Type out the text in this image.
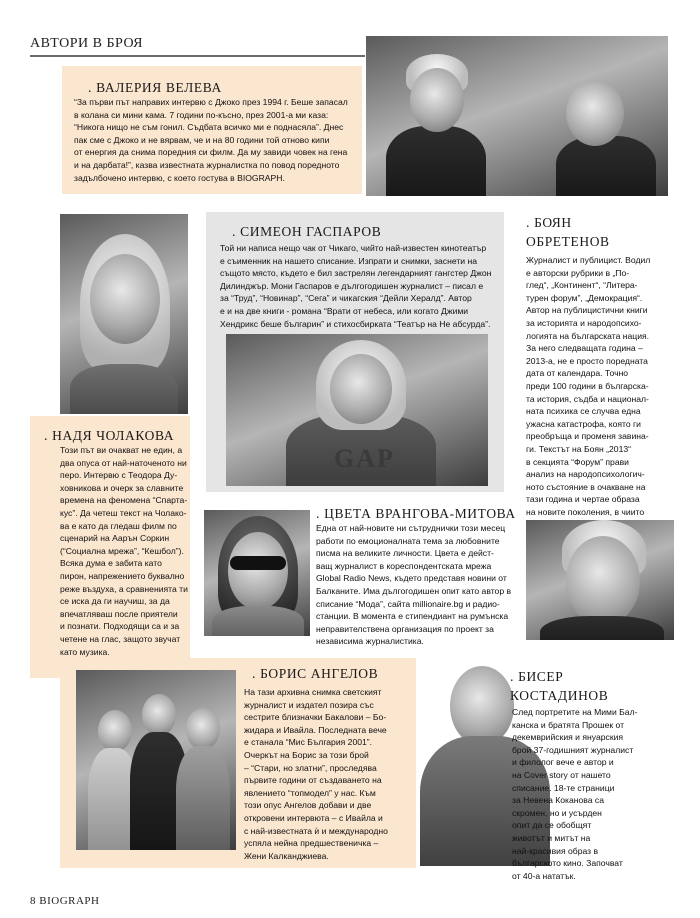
АВТОРИ В БРОЯ
. ВАЛЕРИЯ ВЕЛЕВА
“За първи път направих интервю с Джоко през 1994 г. Беше запасал
в колана си мини кама. 7 години по-късно, през 2001-а ми каза:
“Никога нищо не съм гонил. Съдбата всичко ми е поднасяла”. Днес
пак сме с Джоко и не вярвам, че и на 80 години той отново кипи
от енергия да снима поредния си филм. Да му завиди човек на гена
и на дарбата!”, казва известната журналистка по повод поредното
задълбочено интервю, с което гостува в BIOGRAPH.
. НАДЯ ЧОЛАКОВА
Този път ви очакват не един, а
два опуса от най-наточеното ни
перо. Интервю с Теодора Ду-
ховникова и очерк за славните
времена на феномена “Спарта-
кус”. Да четеш текст на Чолако-
ва е като да гледаш филм по
сценарий на Аарън Соркин
(“Социална мрежа”, “Кешбол”).
Всяка дума е забита като
пирон, напрежението буквално
реже въздуха, а сравненията ти
се иска да ги научиш, за да
впечатляваш после приятели
и познати. Подходящи са и за
четене на глас, защото звучат
като музика.
. СИМЕОН ГАСПАРОВ
Той ни написа нещо чак от Чикаго, чийто най-известен кинотеатър
е съименник на нашето списание. Изпрати и снимки, заснети на
същото място, където е бил застрелян легендарният гангстер Джон
Дилинджър. Мони Гаспаров е дългогодишен журналист – писал е
за “Труд”, “Новинар”, “Сега” и чикагския “Дейли Хералд”. Автор
е и на две книги - романа “Врати от небеса, или когато Джими
Хендрикс беше българин” и стихосбирката “Театър на Не абсурда”.
GAP
. БОЯН
ОБРЕТЕНОВ
Журналист и публицист. Водил
е авторски рубрики в „По-
глед“, „Континент“, “Литера-
турен форум”, „Демокрация“.
Автор на публицистични книги
за историята и народопсихо-
логията на българската нация.
За него следващата година –
2013-а, не е просто поредната
дата от календара. Точно
преди 100 години в българска-
та история, съдба и национал-
ната психика се случва една
ужасна катастрофа, която ги
преобръща и променя завина-
ги. Текстът на Боян „2013“
в секцията “Форум” прави
анализ на народопсихологич-
ното състояние в очакване на
тази година и чертае образа
на новите поколения, в чиито
. ЦВЕТА ВРАНГОВА-МИТОВА
Една от най-новите ни сътруднички този месец
работи по емоционалната тема за любовните
писма на великите личности. Цвета е дейст-
ващ журналист в кореспондентската мрежа
Global Radio News, където представя новини от
Балканите. Има дългогодишен опит като автор в
списание “Мода”, сайта millionaire.bg и радио-
станции. В момента е стипендиант на румънска
неправителствена организация по проект за
независима журналистика.
. БОРИС АНГЕЛОВ
На тази архивна снимка светският
журналист и издател позира със
сестрите близначки Бакалови – Бо-
жидара и Ивайла. Последната вече
е станала “Мис България 2001”.
Очеркът на Борис за този брой
– “Стари, но златни”, проследява
първите години от създаването на
явлението “топмодел” у нас. Към
този опус Ангелов добави и две
откровени интервюта – с Ивайла и
с най-известната ѝ и международно
успяла нейна предшественичка –
Жени Калканджиева.
. БИСЕР
КОСТАДИНОВ
След портретите на Мими Бал-
канска и братята Прошек от
декемврийския и януарския
брой 37-годишният журналист
и филолог вече е автор и
на Cover story от нашето
списание. 18-те страници
за Невена Коканова са
скромен, но и усърден
опит да се обобщят
животът и митът на
най-красивия образ в
българското кино. Започват
от 40-а нататък.
8 BIOGRAPH
